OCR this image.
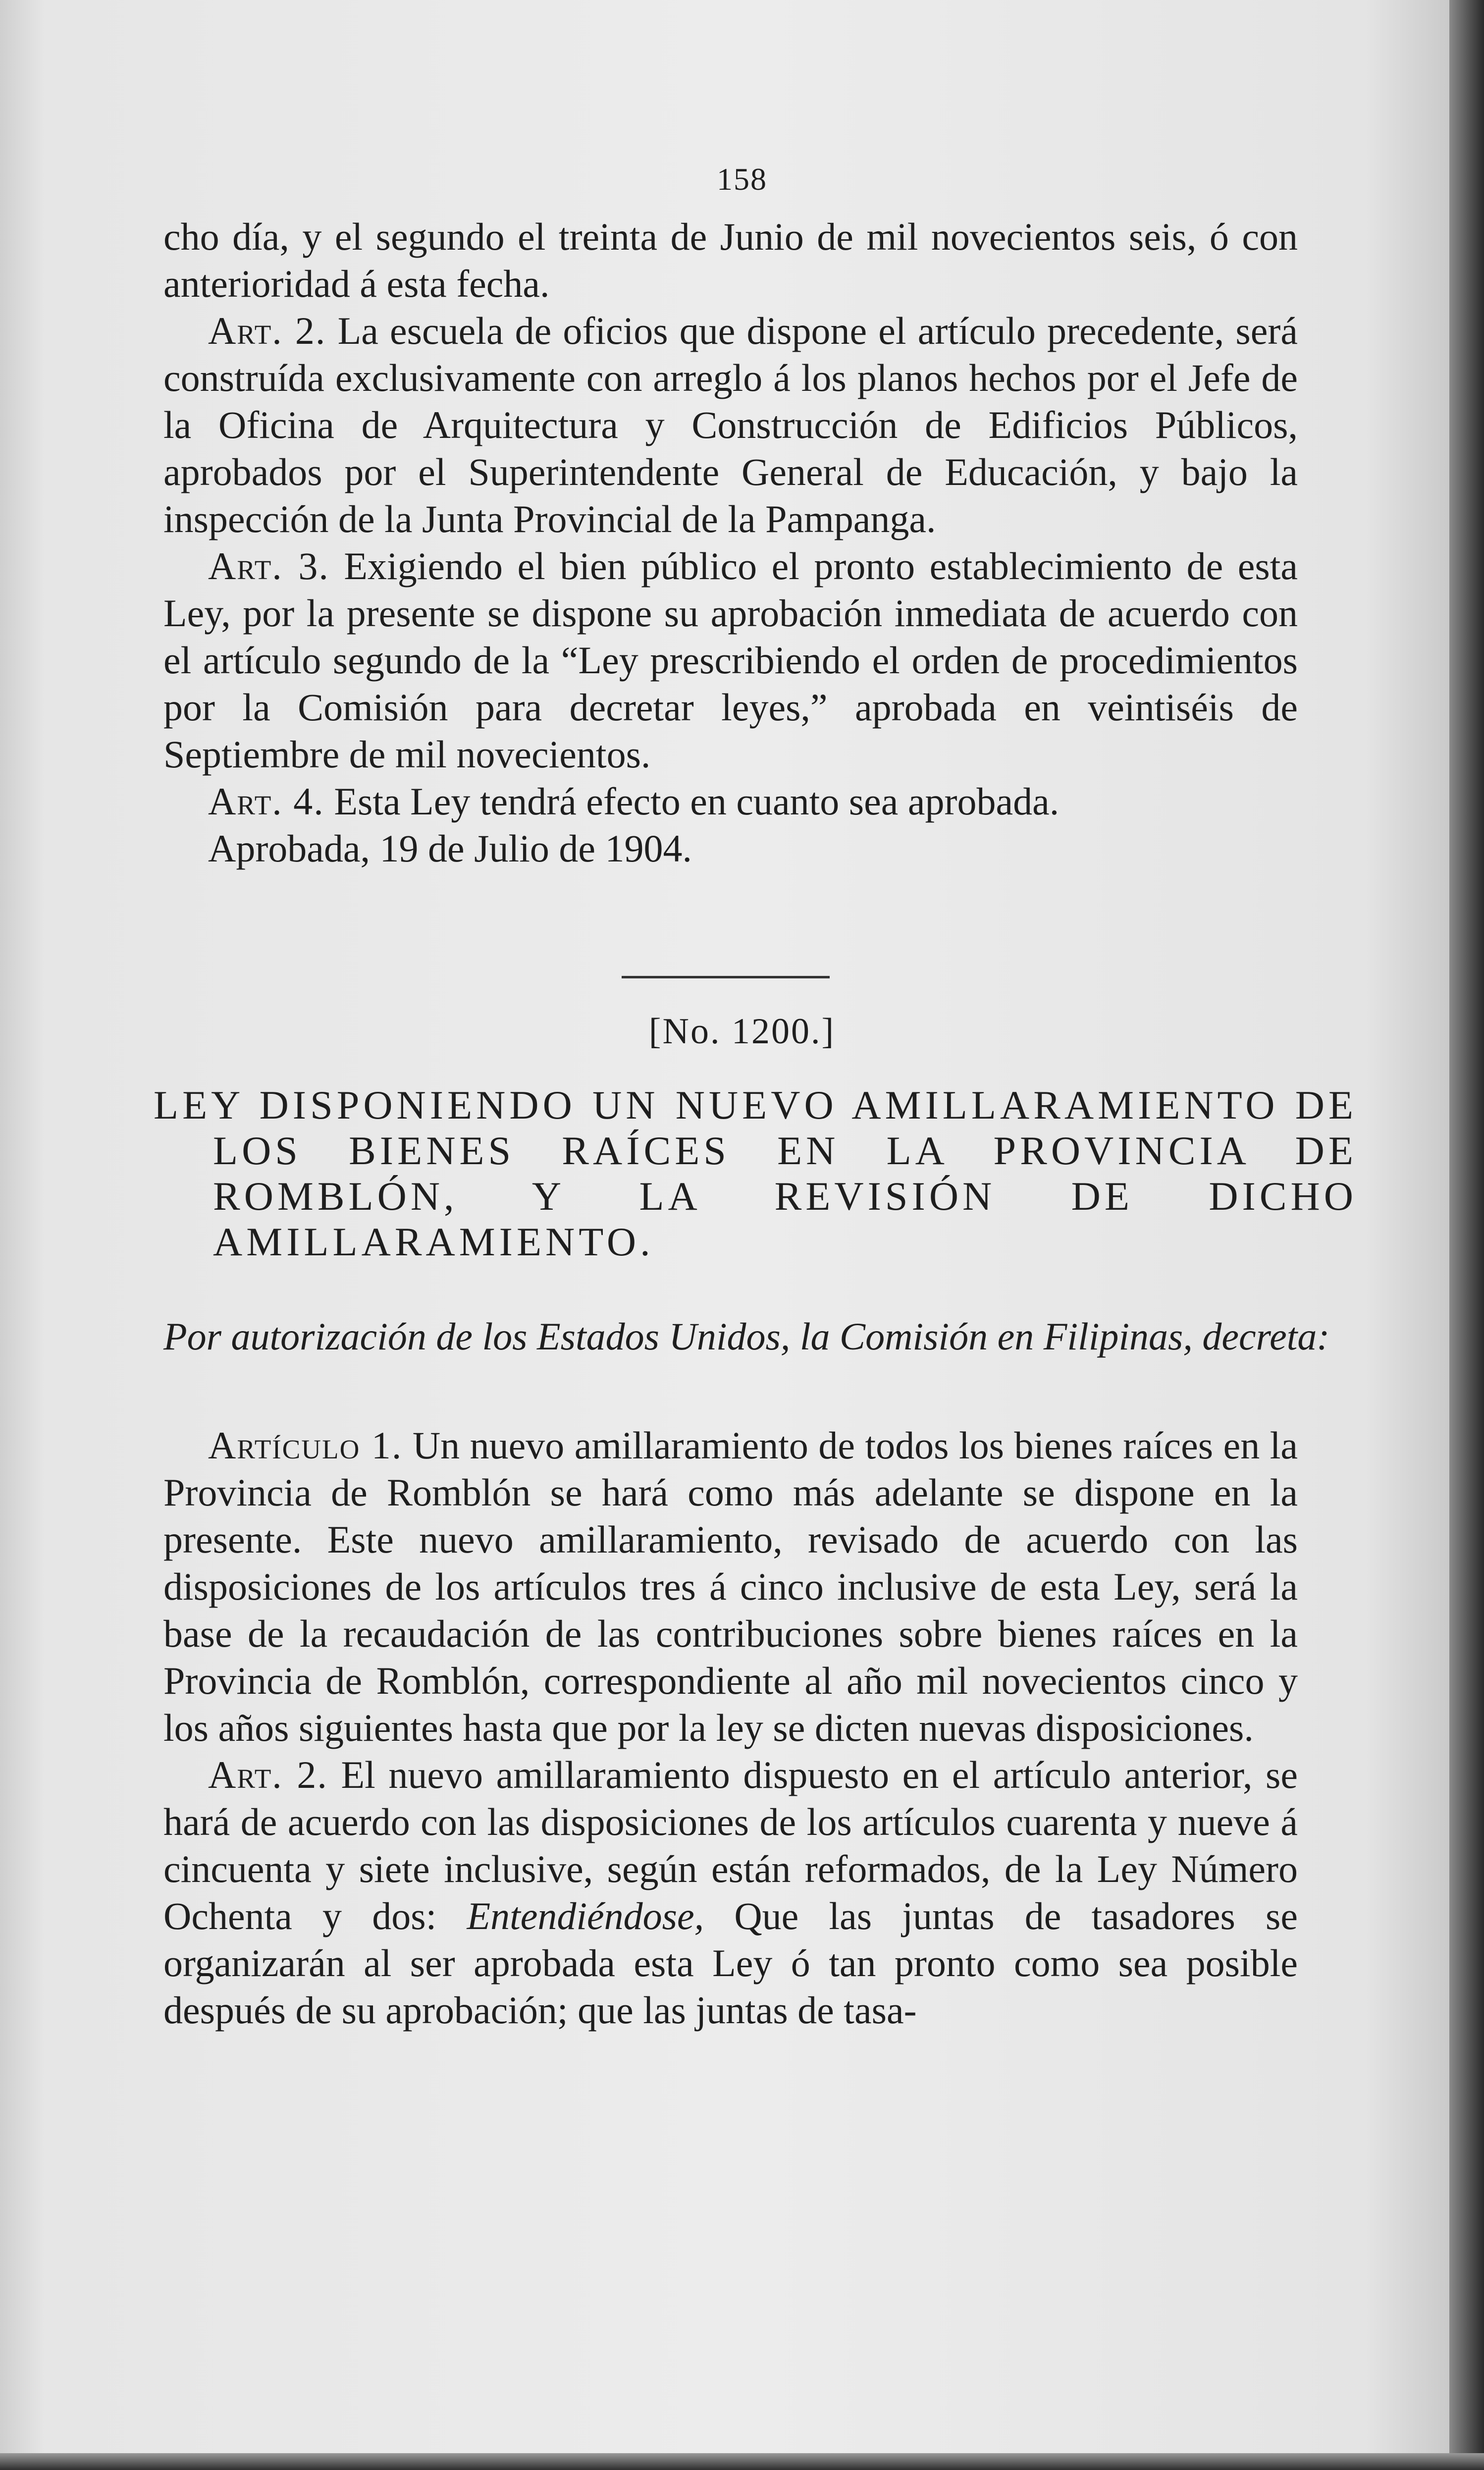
158

cho día, y el segundo el treinta de Junio de mil novecientos seis, ó con anterioridad á esta fecha.

Art. 2. La escuela de oficios que dispone el artículo precedente, será construída exclusivamente con arreglo á los planos hechos por el Jefe de la Oficina de Arquitectura y Construcción de Edificios Públicos, aprobados por el Superintendente General de Educación, y bajo la inspección de la Junta Provincial de la Pampanga.

Art. 3. Exigiendo el bien público el pronto establecimiento de esta Ley, por la presente se dispone su aprobación inmediata de acuerdo con el artículo segundo de la “Ley prescribiendo el orden de procedimientos por la Comisión para decretar leyes,” aprobada en veintiséis de Septiembre de mil novecientos.

Art. 4. Esta Ley tendrá efecto en cuanto sea aprobada.

Aprobada, 19 de Julio de 1904.

[No. 1200.]
LEY DISPONIENDO UN NUEVO AMILLARAMIENTO DE LOS BIENES RAÍCES EN LA PROVINCIA DE ROMBLÓN, Y LA REVISIÓN DE DICHO AMILLARAMIENTO.

Por autorización de los Estados Unidos, la Comisión en Filipinas, decreta:

Artículo 1. Un nuevo amillaramiento de todos los bienes raíces en la Provincia de Romblón se hará como más adelante se dispone en la presente. Este nuevo amillaramiento, revisado de acuerdo con las disposiciones de los artículos tres á cinco inclusive de esta Ley, será la base de la recaudación de las contribuciones sobre bienes raíces en la Provincia de Romblón, correspondiente al año mil novecientos cinco y los años siguientes hasta que por la ley se dicten nuevas disposiciones.

Art. 2. El nuevo amillaramiento dispuesto en el artículo anterior, se hará de acuerdo con las disposiciones de los artículos cuarenta y nueve á cincuenta y siete inclusive, según están reformados, de la Ley Número Ochenta y dos: Entendiéndose, Que las juntas de tasadores se organizarán al ser aprobada esta Ley ó tan pronto como sea posible después de su aprobación; que las juntas de tasa-
